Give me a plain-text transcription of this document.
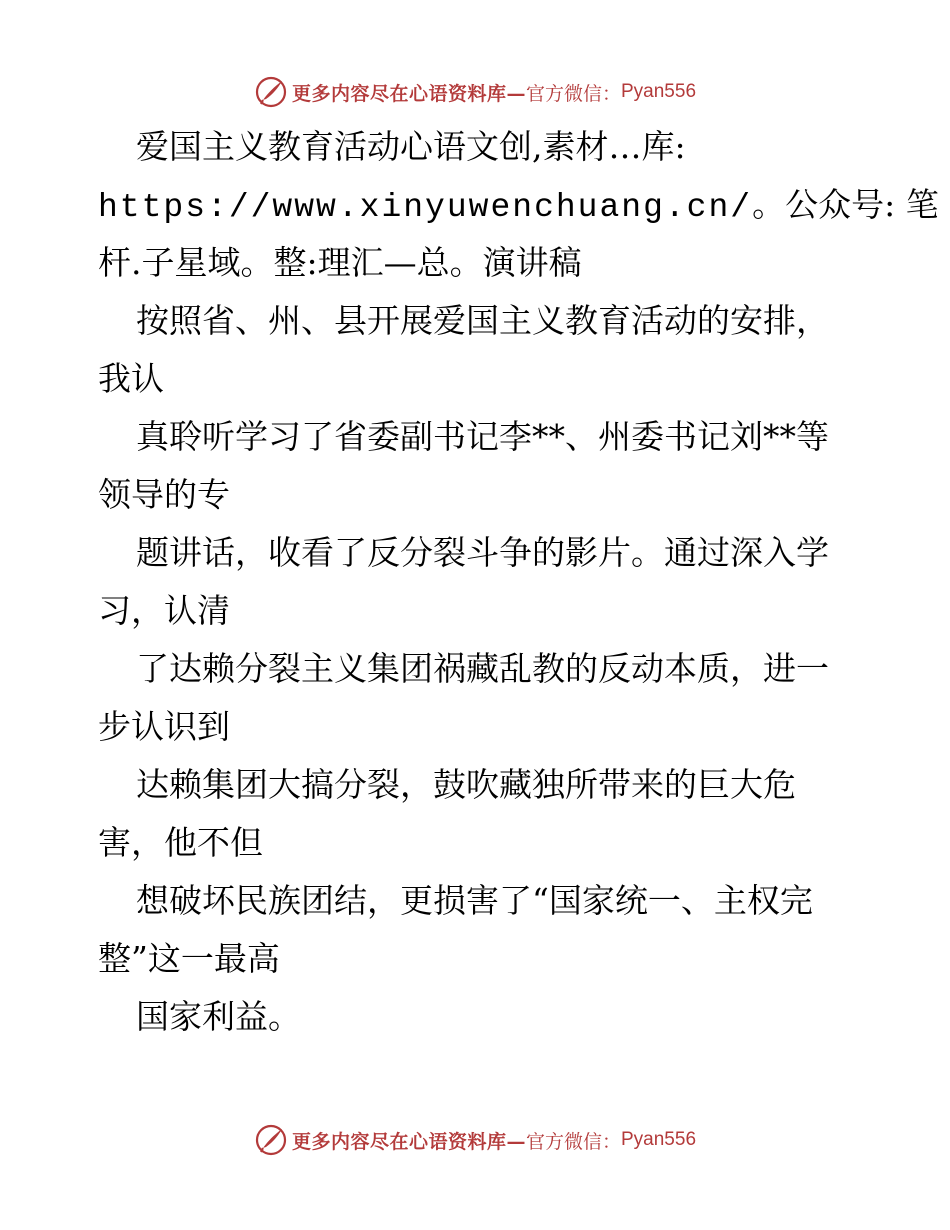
更多内容尽在心语资料库— 官方微信： Pyan556
爱国主义教育活动心语文创,素材…库:
https://www.xinyuwenchuang.cn/。公众号: 笔
杆.子星域。整:理汇—总。演讲稿
按照省、州、县开展爱国主义教育活动的安排，
我认
真聆听学习了省委副书记李**、州委书记刘**等
领导的专
题讲话，收看了反分裂斗争的影片。通过深入学
习，认清
了达赖分裂主义集团祸藏乱教的反动本质，进一
步认识到
达赖集团大搞分裂，鼓吹藏独所带来的巨大危
害，他不但
想破坏民族团结，更损害了“国家统一、主权完
整”这一最高
国家利益。
更多内容尽在心语资料库— 官方微信： Pyan556
